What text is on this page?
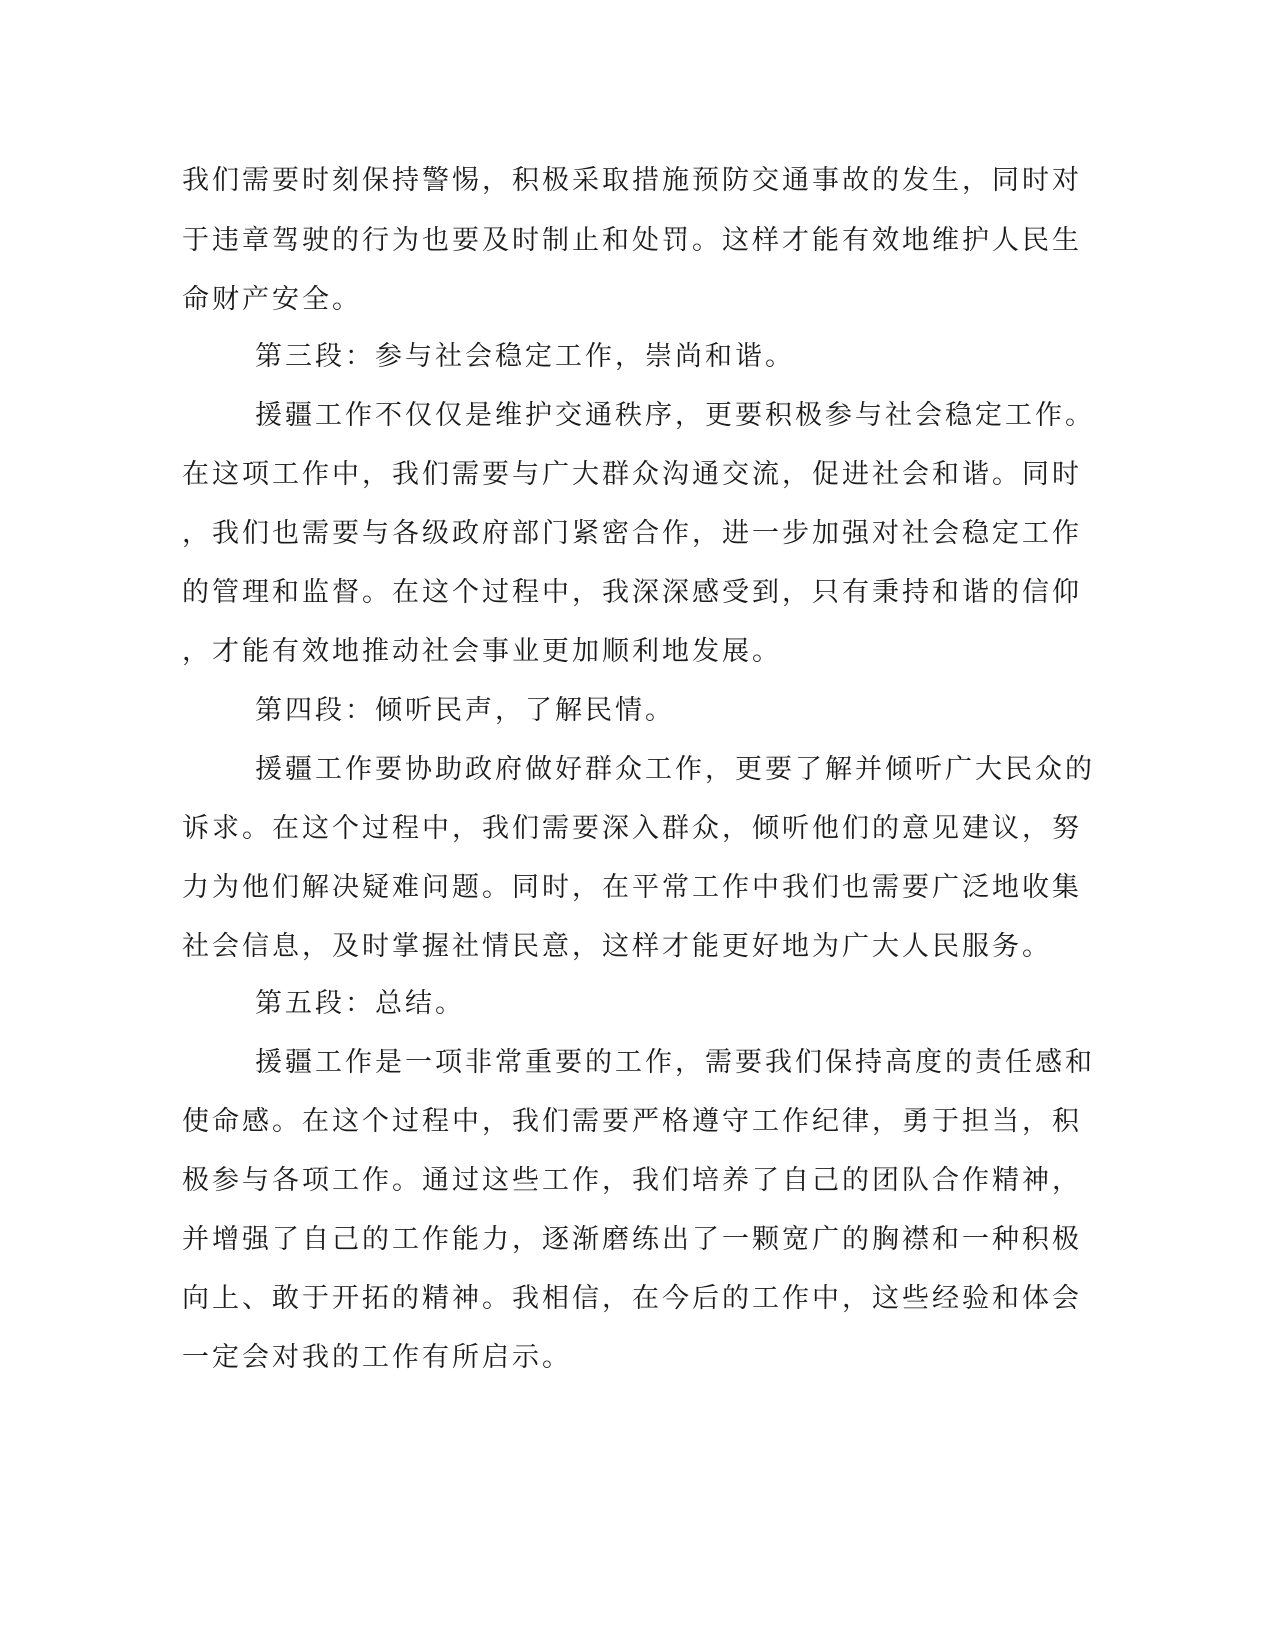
我们需要时刻保持警惕，积极采取措施预防交通事故的发生，同时对
于违章驾驶的行为也要及时制止和处罚。这样才能有效地维护人民生
命财产安全。
第三段：参与社会稳定工作，崇尚和谐。
援疆工作不仅仅是维护交通秩序，更要积极参与社会稳定工作。
在这项工作中，我们需要与广大群众沟通交流，促进社会和谐。同时
，我们也需要与各级政府部门紧密合作，进一步加强对社会稳定工作
的管理和监督。在这个过程中，我深深感受到，只有秉持和谐的信仰
，才能有效地推动社会事业更加顺利地发展。
第四段：倾听民声，了解民情。
援疆工作要协助政府做好群众工作，更要了解并倾听广大民众的
诉求。在这个过程中，我们需要深入群众，倾听他们的意见建议，努
力为他们解决疑难问题。同时，在平常工作中我们也需要广泛地收集
社会信息，及时掌握社情民意，这样才能更好地为广大人民服务。
第五段：总结。
援疆工作是一项非常重要的工作，需要我们保持高度的责任感和
使命感。在这个过程中，我们需要严格遵守工作纪律，勇于担当，积
极参与各项工作。通过这些工作，我们培养了自己的团队合作精神，
并增强了自己的工作能力，逐渐磨练出了一颗宽广的胸襟和一种积极
向上、敢于开拓的精神。我相信，在今后的工作中，这些经验和体会
一定会对我的工作有所启示。
